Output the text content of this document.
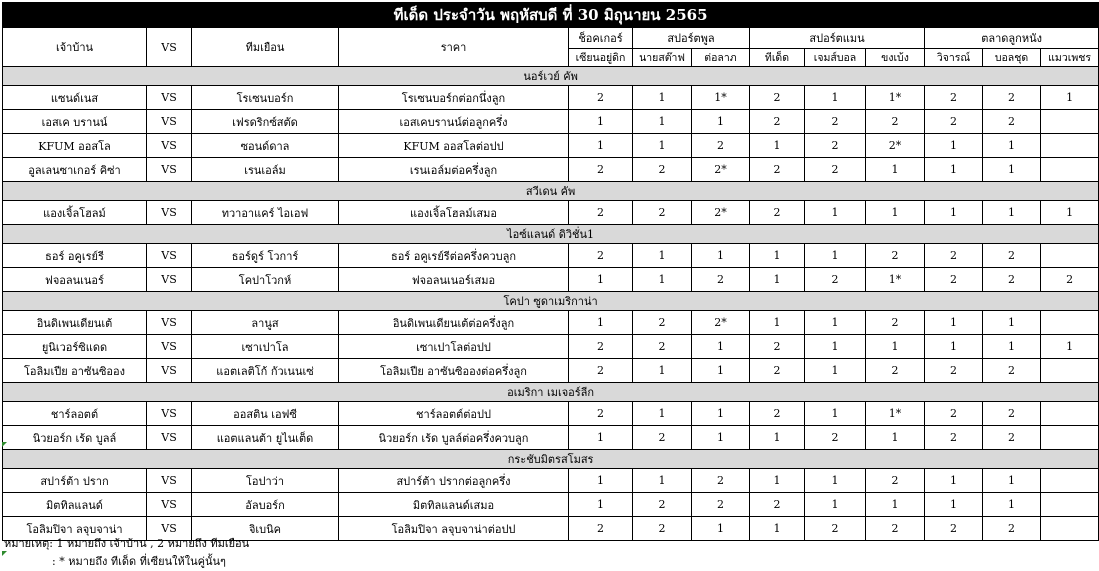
ทีเด็ด ประจำวัน พฤหัสบดี ที่ 30 มิถุนายน 2565												
เจ้าบ้าน	VS	ทีมเยือน	ราคา	ช็อคเกอร์	สปอร์ตพูล		สปอร์ตแมน			ตลาดลูกหนัง		
				เซียนอยู่ดิก	นายสต๊าฟ	ต่อลาภ	ทีเด็ด	เจมส์บอล	ขงเบ้ง	วิจารณ์	บอลชุด	แมวเพชร
นอร์เวย์ คัพ												
แซนด์เนส	VS	โรเซนบอร์ก	โรเซนบอร์กต่อกนึ่งลูก	2	1	1*	2	1	1*	2	2	1
เอสเค บรานน์	VS	เฟรดริกซ์สตัด	เอสเคบรานน์ต่อลูกครึ่ง	1	1	1	2	2	2	2	2	
KFUM ออสโล	VS	ซอนด์ดาล	KFUM ออสโลต่อปป	1	1	2	1	2	2*	1	1	
อูลเลนซาเกอร์ คิซ่า	VS	เรนเอล์ม	เรนเอล์มต่อครึ่งลูก	2	2	2*	2	2	1	1	1	
สวีเดน คัพ												
แองเจิ้ลโฮลม์	VS	ทวาอาแคร์ ไอเอฟ	แองเจิ้ลโฮลม์เสมอ	2	2	2*	2	1	1	1	1	1
ไอซ์แลนด์ ดิวิชั่น1												
ธอร์ อคูเรย์รี	VS	ธอร์ดูร์ โวการ์	ธอร์ อคูเรย์รีต่อครึ่งควบลูก	2	1	1	1	1	2	2	2	
ฟจอลนเนอร์	VS	โคปาโวกห์	ฟจอลนเนอร์เสมอ	1	1	2	1	2	1*	2	2	2
โคปา ซูดาเมริกาน่า												
อินดิเพนเดียนเต้	VS	ลานูส	อินดิเพนเดียนเต้ต่อครึ่งลูก	1	2	2*	1	1	2	1	1	
ยูนิเวอร์ซิแดด	VS	เซาเปาโล	เซาเปาโลต่อปป	2	2	1	2	1	1	1	1	1
โอลิมเปีย อาซันซิออง	VS	แอตเลติโก้ กัวเนนเซ่	โอลิมเปีย อาซันซิอองต่อครึ่งลูก	2	1	1	2	1	2	2	2	
อเมริกา เมเจอร์ลีก												
ชาร์ลอตต์	VS	ออสติน เอฟซี	ชาร์ลอตต์ต่อปป	2	1	1	2	1	1*	2	2	
นิวยอร์ก เร้ด บูลล์	VS	แอตแลนต้า ยูไนเต็ด	นิวยอร์ก เร้ด บูลล์ต่อครึ่งควบลูก	1	2	1	1	2	1	2	2	
กระชับมิตรสโมสร												
สปาร์ต้า ปราก	VS	โอปาว่า	สปาร์ต้า ปรากต่อลูกครึ่ง	1	1	2	1	1	2	1	1	
มิตทิลแลนด์	VS	อัลบอร์ก	มิตทิลแลนด์เสมอ	1	2	2	2	1	1	1	1	
โอลิมปิจา ลจุบจาน่า	VS	จิเบนิค	โอลิมปิจา ลจุบจาน่าต่อปป	2	2	1	1	2	2	2	2	
หมายเหตุ: 1 หมายถึง เจ้าบ้าน , 2 หมายถึง ทีมเยือน
: * หมายถึง ทีเด็ด ที่เซียนให้ในคู่นั้นๆ
